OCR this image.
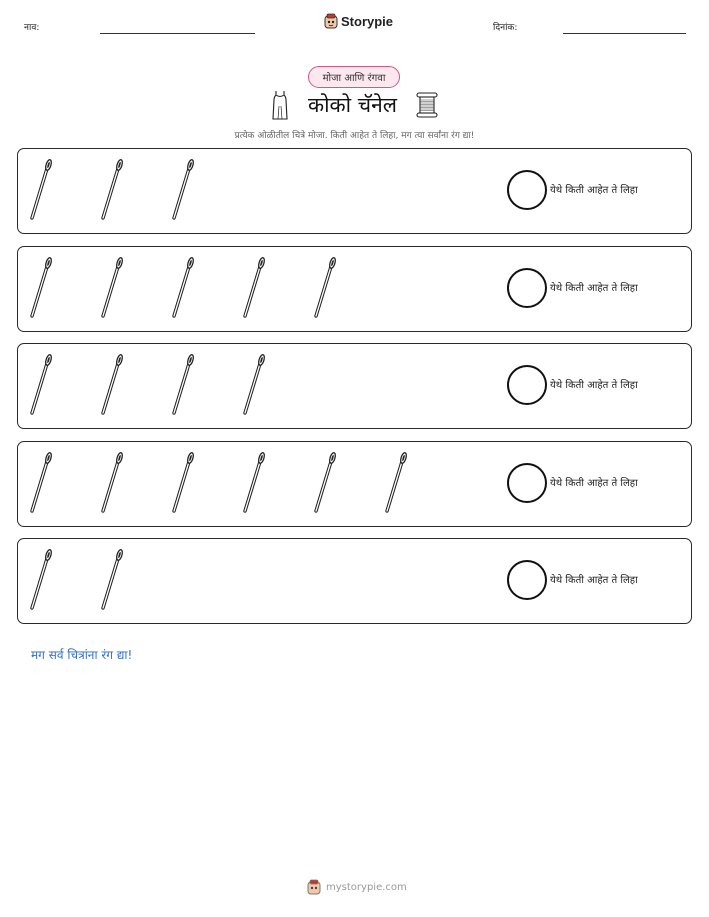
नाव:	Storypie	दिनांक:
मोजा आणि रंगवा
कोको चॅनेल
प्रत्येक ओळीतील चित्रे मोजा. किती आहेत ते लिहा, मग त्या सर्वांना रंग द्या!
येथे किती आहेत ते लिहा
येथे किती आहेत ते लिहा
येथे किती आहेत ते लिहा
येथे किती आहेत ते लिहा
येथे किती आहेत ते लिहा
मग सर्व चित्रांना रंग द्या!
mystorypie.com
